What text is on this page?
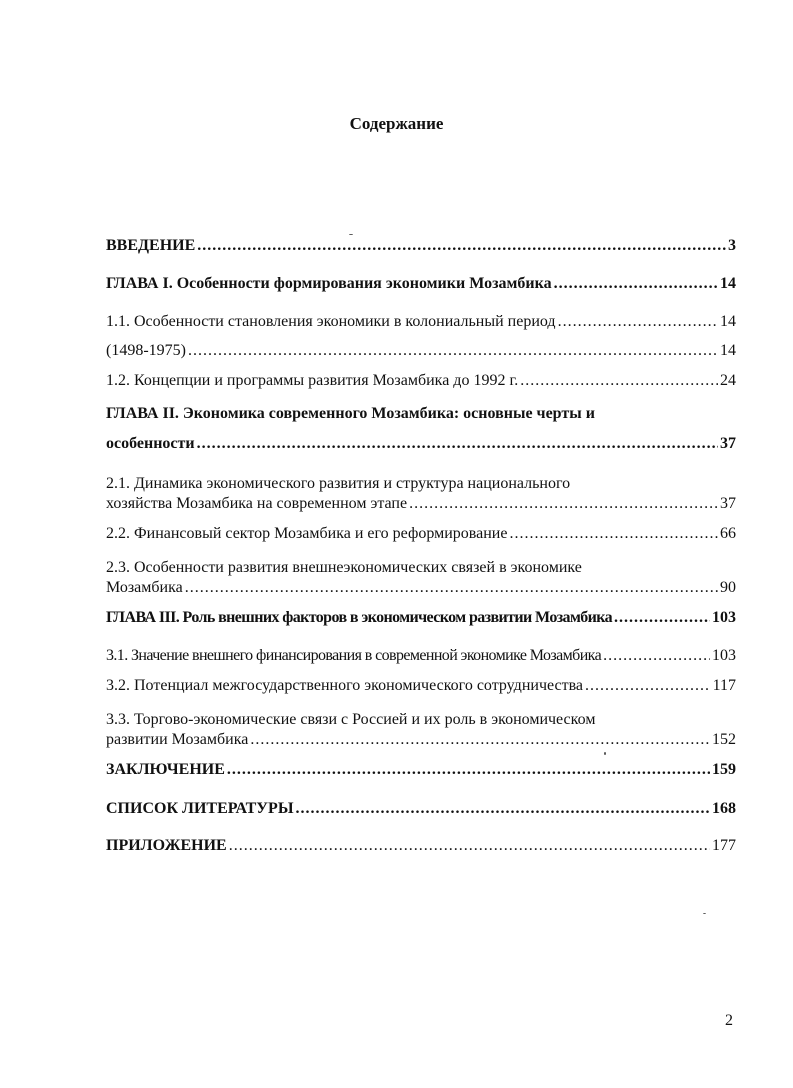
Содержание
ВВЕДЕНИЕ .....	3
ГЛАВА I. Особенности формирования экономики Мозамбика .....	14
1.1. Особенности становления экономики в колониальный период .....	14
(1498-1975) .....	14
1.2. Концепции и программы развития Мозамбика до 1992 г. .....	24
ГЛАВА II. Экономика современного Мозамбика: основные черты и
особенности .....	37
2.1. Динамика экономического развития и структура национального
хозяйства Мозамбика на современном этапе .....	37
2.2. Финансовый сектор Мозамбика и его реформирование .....	66
2.3. Особенности развития внешнеэкономических связей в экономике
Мозамбика .....	90
ГЛАВА III. Роль внешних факторов в экономическом развитии Мозамбика .....	103
3.1. Значение внешнего финансирования в современной экономике Мозамбика .....	103
3.2. Потенциал межгосударственного экономического сотрудничества .....	117
3.3. Торгово-экономические связи с Россией и их роль в экономическом
развитии Мозамбика .....	152
ЗАКЛЮЧЕНИЕ .....	159
СПИСОК ЛИТЕРАТУРЫ .....	168
ПРИЛОЖЕНИЕ .....	177
2
